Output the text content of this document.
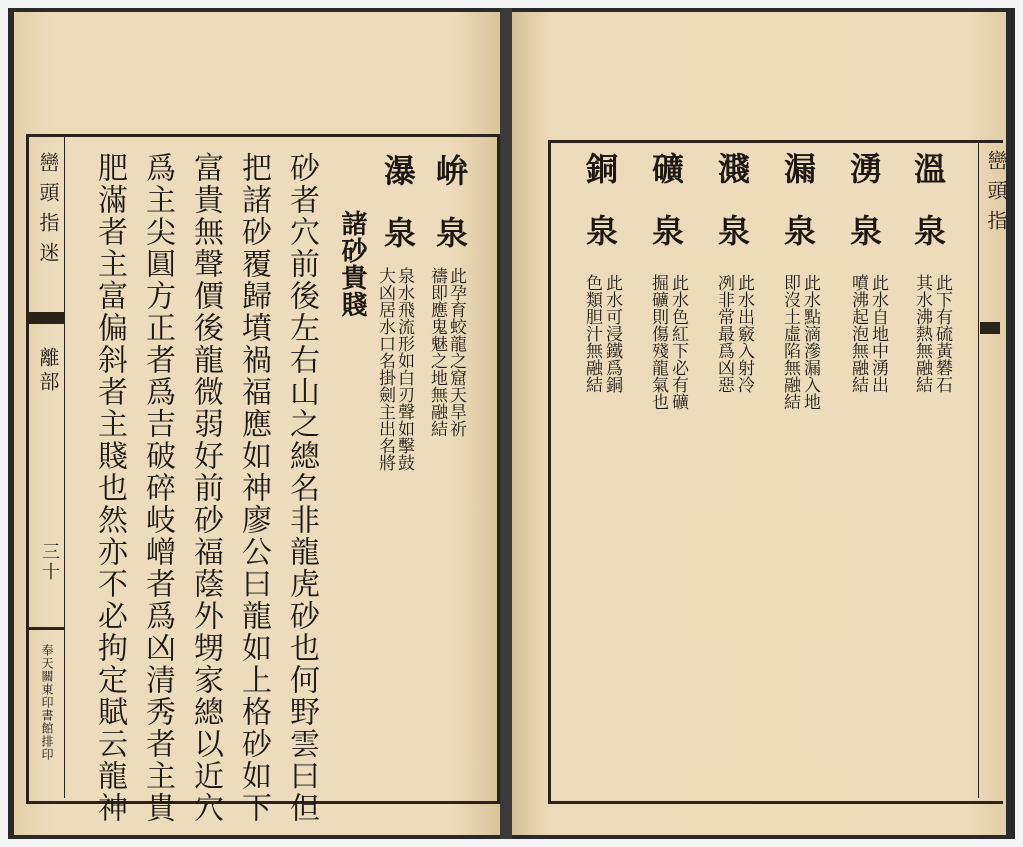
巒頭指迷
離部
三十
奉天關東印書館排印
峅泉
此孕育蛟龍之窟天旱祈
禱即應鬼魅之地無融結
瀑泉
泉水飛流形如白刃聲如擊鼓
大凶居水口名掛劍主出名將
諸砂貴賤
砂者穴前後左右山之總名非龍虎砂也何野雲曰但
把諸砂覆歸墳禍福應如神廖公曰龍如上格砂如下
富貴無聲價後龍微弱好前砂福蔭外甥家總以近穴
爲主尖圓方正者爲吉破碎岐嶒者爲凶清秀者主貴
肥滿者主富偏斜者主賤也然亦不必拘定賦云龍神	巒頭指
溫泉
此下有硫黃礬石
其水沸熱無融結
湧泉
此水自地中湧出
噴沸起泡無融結
漏泉
此水點滴滲漏入地
即沒土虛陷無融結
濺泉
此水出竅入射冷
冽非常最爲凶惡
礦泉
此水色紅下必有礦
掘礦則傷殘龍氣也
銅泉
此水可浸鐵爲銅
色類胆汁無融結
